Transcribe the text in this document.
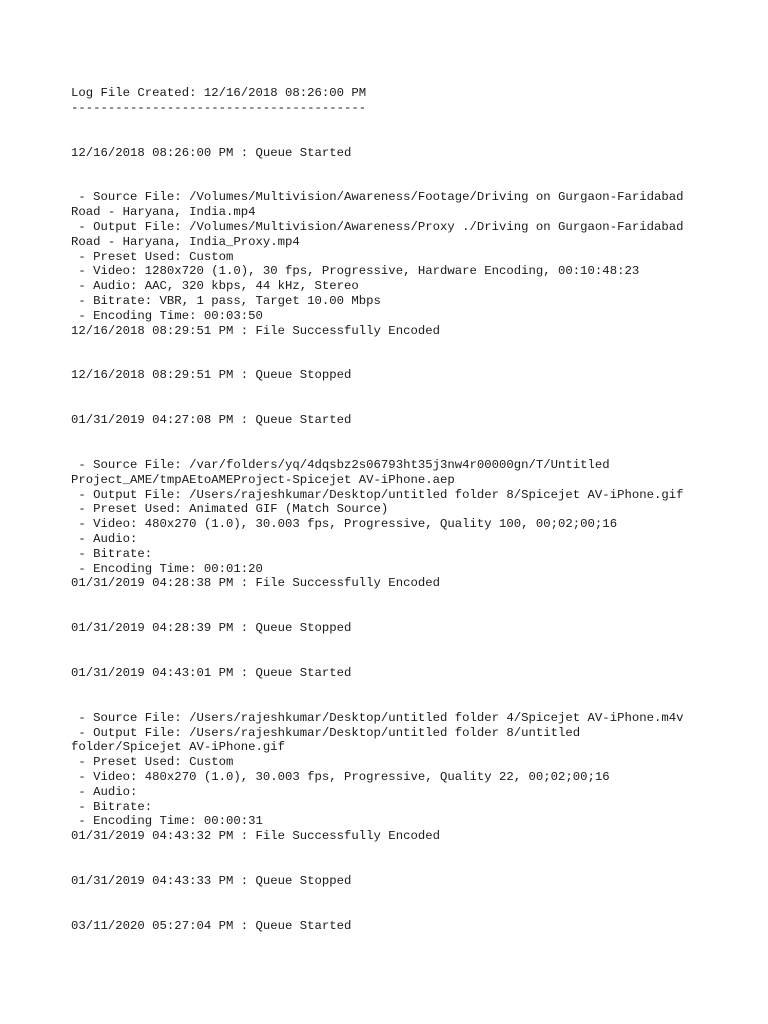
Log File Created: 12/16/2018 08:26:00 PM
----------------------------------------
12/16/2018 08:26:00 PM : Queue Started
- Source File: /Volumes/Multivision/Awareness/Footage/Driving on Gurgaon-Faridabad
Road - Haryana, India.mp4
- Output File: /Volumes/Multivision/Awareness/Proxy ./Driving on Gurgaon-Faridabad
Road - Haryana, India_Proxy.mp4
- Preset Used: Custom
- Video: 1280x720 (1.0), 30 fps, Progressive, Hardware Encoding, 00:10:48:23
- Audio: AAC, 320 kbps, 44 kHz, Stereo
- Bitrate: VBR, 1 pass, Target 10.00 Mbps
- Encoding Time: 00:03:50
12/16/2018 08:29:51 PM : File Successfully Encoded
12/16/2018 08:29:51 PM : Queue Stopped
01/31/2019 04:27:08 PM : Queue Started
- Source File: /var/folders/yq/4dqsbz2s06793ht35j3nw4r00000gn/T/Untitled
Project_AME/tmpAEtoAMEProject-Spicejet AV-iPhone.aep
- Output File: /Users/rajeshkumar/Desktop/untitled folder 8/Spicejet AV-iPhone.gif
- Preset Used: Animated GIF (Match Source)
- Video: 480x270 (1.0), 30.003 fps, Progressive, Quality 100, 00;02;00;16
- Audio:
- Bitrate:
- Encoding Time: 00:01:20
01/31/2019 04:28:38 PM : File Successfully Encoded
01/31/2019 04:28:39 PM : Queue Stopped
01/31/2019 04:43:01 PM : Queue Started
- Source File: /Users/rajeshkumar/Desktop/untitled folder 4/Spicejet AV-iPhone.m4v
- Output File: /Users/rajeshkumar/Desktop/untitled folder 8/untitled
folder/Spicejet AV-iPhone.gif
- Preset Used: Custom
- Video: 480x270 (1.0), 30.003 fps, Progressive, Quality 22, 00;02;00;16
- Audio:
- Bitrate:
- Encoding Time: 00:00:31
01/31/2019 04:43:32 PM : File Successfully Encoded
01/31/2019 04:43:33 PM : Queue Stopped
03/11/2020 05:27:04 PM : Queue Started
